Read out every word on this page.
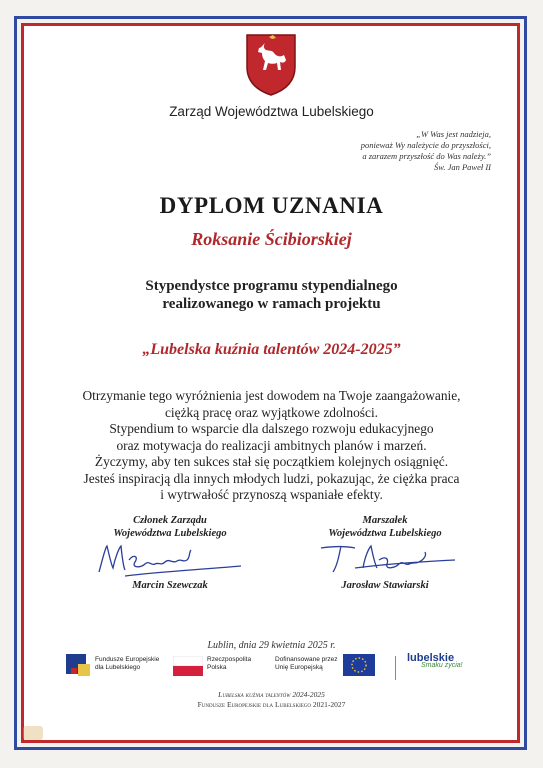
Zarząd Województwa Lubelskiego
„W Was jest nadzieja,
ponieważ Wy należycie do przyszłości,
a zarazem przyszłość do Was należy.”
Św. Jan Paweł II
DYPLOM UZNANIA
Roksanie Ścibiorskiej
Stypendystce programu stypendialnego
realizowanego w ramach projektu
„Lubelska kuźnia talentów 2024-2025”
Otrzymanie tego wyróżnienia jest dowodem na Twoje zaangażowanie,
ciężką pracę oraz wyjątkowe zdolności.
Stypendium to wsparcie dla dalszego rozwoju edukacyjnego
oraz motywacja do realizacji ambitnych planów i marzeń.
Życzymy, aby ten sukces stał się początkiem kolejnych osiągnięć.
Jesteś inspiracją dla innych młodych ludzi, pokazując, że ciężka praca
i wytrwałość przynoszą wspaniałe efekty.
Członek Zarządu
Województwa Lubelskiego
Marcin Szewczak
Marszałek
Województwa Lubelskiego
Jarosław Stawiarski
Lublin, dnia 29 kwietnia 2025 r.
Fundusze Europejskie
dla Lubelskiego
Rzeczpospolita
Polska
Dofinansowane przez
Unię Europejską
lubelskie
Smaku życia!
Lubelska kuźnia talentów 2024-2025
Fundusze Europejskie dla Lubelskiego 2021-2027
